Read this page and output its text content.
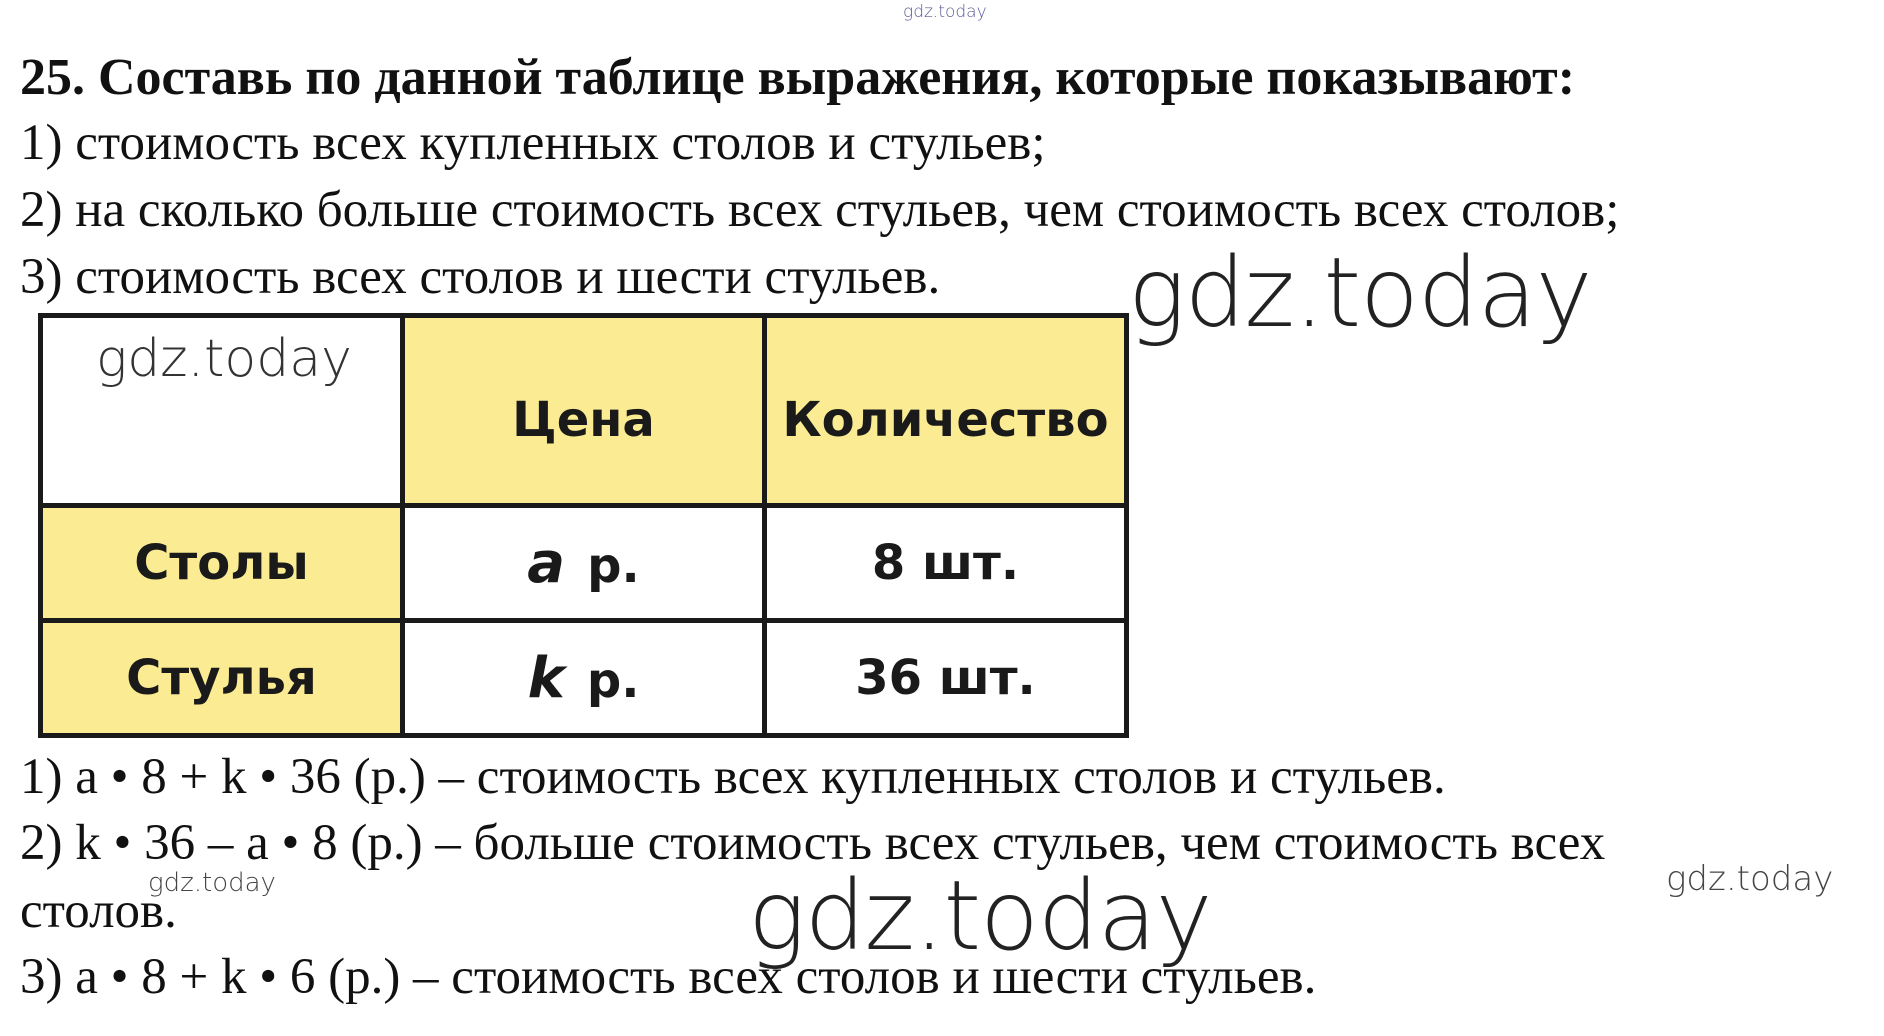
gdz.today
25. Составь по данной таблице выражения, которые показывают:
1) стоимость всех купленных столов и стульев;
2) на сколько больше стоимость всех стульев, чем стоимость всех столов;
3) стоимость всех столов и шести стульев. gdz.today
	Цена	Количество
Столы	a р.	8 шт.
Стулья	k р.	36 шт.
gdz.today
1) a • 8 + k • 36 (р.) – стоимость всех купленных столов и стульев.
2) k • 36 – a • 8 (р.) – больше стоимость всех стульев, чем стоимость всех
столов.
3) a • 8 + k • 6 (р.) – стоимость всех столов и шести стульев.
gdz.today	gdz.today	gdz.today
